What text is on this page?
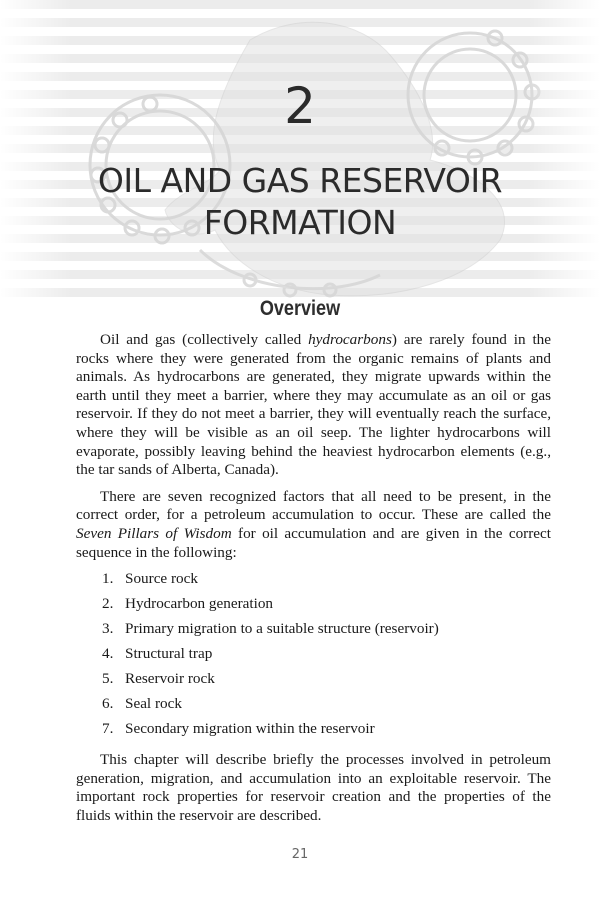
2
OIL AND GAS RESERVOIR
FORMATION
Overview

Oil and gas (collectively called hydrocarbons) are rarely found in the rocks where they were generated from the organic remains of plants and animals. As hydrocarbons are generated, they migrate upwards within the earth until they meet a barrier, where they may accumulate as an oil or gas reservoir. If they do not meet a barrier, they will eventually reach the surface, where they will be visible as an oil seep. The lighter hydrocarbons will evaporate, possibly leaving behind the heaviest hydrocarbon elements (e.g., the tar sands of Alberta, Canada).

There are seven recognized factors that all need to be present, in the correct order, for a petroleum accumulation to occur. These are called the Seven Pillars of Wisdom for oil accumulation and are given in the correct sequence in the following:

1. Source rock
2. Hydrocarbon generation
3. Primary migration to a suitable structure (reservoir)
4. Structural trap
5. Reservoir rock
6. Seal rock
7. Secondary migration within the reservoir

This chapter will describe briefly the processes involved in petroleum generation, migration, and accumulation into an exploitable reservoir. The important rock properties for reservoir creation and the properties of the fluids within the reservoir are described.

21
